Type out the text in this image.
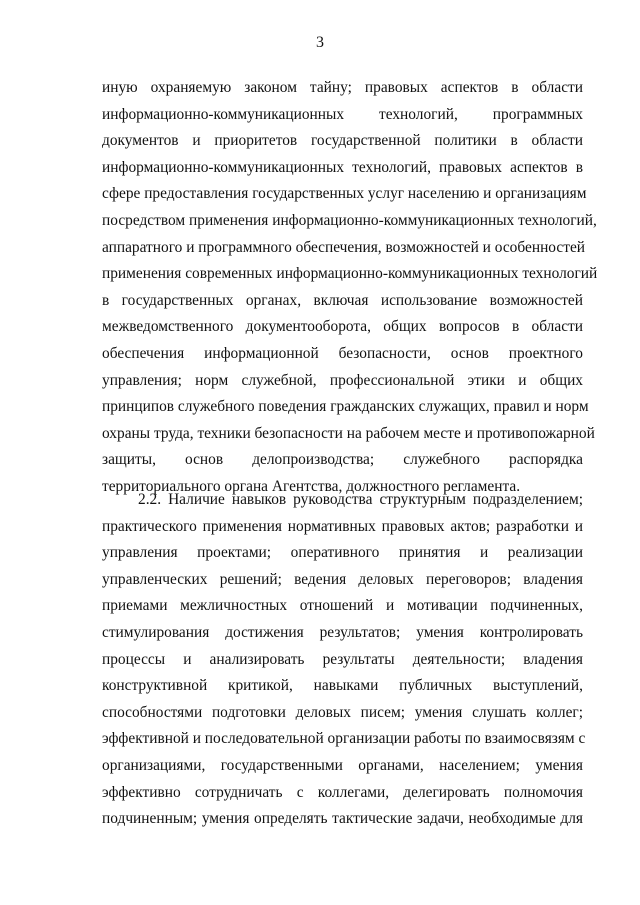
3
иную охраняемую законом тайну; правовых аспектов в области
информационно-коммуникационных технологий, программных
документов и приоритетов государственной политики в области
информационно-коммуникационных технологий, правовых аспектов в
сфере предоставления государственных услуг населению и организациям
посредством применения информационно-коммуникационных технологий,
аппаратного и программного обеспечения, возможностей и особенностей
применения современных информационно-коммуникационных технологий
в государственных органах, включая использование возможностей
межведомственного документооборота, общих вопросов в области
обеспечения информационной безопасности, основ проектного
управления; норм служебной, профессиональной этики и общих
принципов служебного поведения гражданских служащих, правил и норм
охраны труда, техники безопасности на рабочем месте и противопожарной
защиты, основ делопроизводства; служебного распорядка
территориального органа Агентства, должностного регламента.
2.2. Наличие навыков руководства структурным подразделением;
практического применения нормативных правовых актов; разработки и
управления проектами; оперативного принятия и реализации
управленческих решений; ведения деловых переговоров; владения
приемами межличностных отношений и мотивации подчиненных,
стимулирования достижения результатов; умения контролировать
процессы и анализировать результаты деятельности; владения
конструктивной критикой, навыками публичных выступлений,
способностями подготовки деловых писем; умения слушать коллег;
эффективной и последовательной организации работы по взаимосвязям с
организациями, государственными органами, населением; умения
эффективно сотрудничать с коллегами, делегировать полномочия
подчиненным; умения определять тактические задачи, необходимые для
